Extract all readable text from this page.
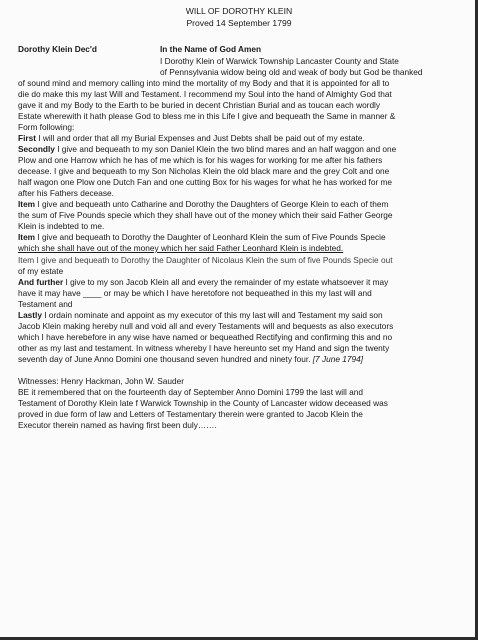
WILL OF DOROTHY KLEIN
Proved 14 September 1799
Dorothy Klein Dec'd	In the Name of God Amen
I Dorothy Klein of Warwick Township Lancaster County and State
of Pennsylvania widow being old and weak of body but God be thanked
of sound mind and memory calling into mind the mortality of my Body and that it is appointed for all to
die do make this my last Will and Testament. I recommend my Soul into the hand of Almighty God that
gave it and my Body to the Earth to be buried in decent Christian Burial and as toucan each wordly
Estate wherewith it hath please God to bless me in this Life I give and bequeath the Same in manner &
Form following:
First I will and order that all my Burial Expenses and Just Debts shall be paid out of my estate.
Secondly I give and bequeath to my son Daniel Klein the two blind mares and an half waggon and one
Plow and one Harrow which he has of me which is for his wages for working for me after his fathers
decease. I give and bequeath to my Son Nicholas Klein the old black mare and the grey Colt and one
half wagon one Plow one Dutch Fan and one cutting Box for his wages for what he has worked for me
after his Fathers decease.
Item I give and bequeath unto Catharine and Dorothy the Daughters of George Klein to each of them
the sum of Five Pounds specie which they shall have out of the money which their said Father George
Klein is indebted to me.
Item I give and bequeath to Dorothy the Daughter of Leonhard Klein the sum of Five Pounds Specie
which she shall have out of the money which her said Father Leonhard Klein is indebted.
Item I give and bequeath to Dorothy the Daughter of Nicolaus Klein the sum of five Pounds Specie out
of my estate
And further I give to my son Jacob Klein all and every the remainder of my estate whatsoever it may
have it may have ____ or may be which I have heretofore not bequeathed in this my last will and
Testament and
Lastly I ordain nominate and appoint as my executor of this my last will and Testament my said son
Jacob Klein making hereby null and void all and every Testaments will and bequests as also executors
which I have herebefore in any wise have named or bequeathed Rectifying and confirming this and no
other as my last and testament. In witness whereby I have hereunto set my Hand and sign the twenty
seventh day of June Anno Domini one thousand seven hundred and ninety four. [7 June 1794]
Witnesses: Henry Hackman, John W. Sauder
BE it remembered that on the fourteenth day of September Anno Domini 1799 the last will and
Testament of Dorothy Klein late f Warwick Township in the County of Lancaster widow deceased was
proved in due form of law and Letters of Testamentary therein were granted to Jacob Klein the
Executor therein named as having first been duly…….
